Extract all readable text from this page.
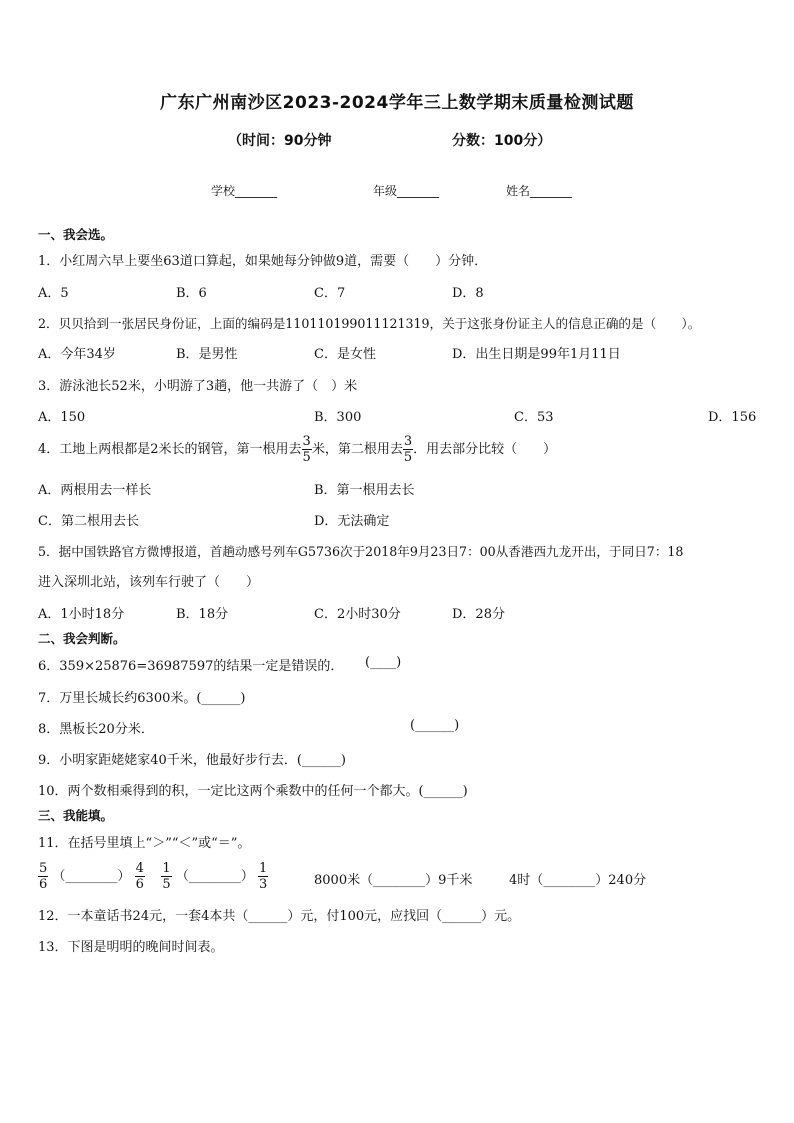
广东广州南沙区2023-2024学年三上数学期末质量检测试题
（时间：90分钟	分数：100分）
学校_______	年级_______	姓名_______
一、我会选。
1．小红周六早上要坐63道口算起，如果她每分钟做9道，需要（　　）分钟．
A．5	B．6	C．7	D．8
2．贝贝拾到一张居民身份证，上面的编码是110110199011121319，关于这张身份证主人的信息正确的是（　　）。
A．今年34岁	B．是男性	C．是女性	D．出生日期是99年1月11日
3．游泳池长52米，小明游了3趟，他一共游了（　）米
A．150	B．300	C．53	D．156
4．工地上两根都是2米长的钢管，第一根用去 $\frac{3}{5}$ 米，第二根用去 $\frac{3}{5}$ ．用去部分比较（　　）
A．两根用去一样长	B．第一根用去长
C．第二根用去长	D．无法确定
5．据中国铁路官方微博报道，首趟动感号列车G5736次于2018年9月23日7：00从香港西九龙开出，于同日7：18
进入深圳北站，该列车行驶了（　　）
A．1小时18分	B．18分	C．2小时30分	D．28分
二、我会判断。
6．359×25876=36987597的结果一定是错误的． (____)
7．万里长城长约6300米。(______)
8．黑板长20分米．	(______)
9．小明家距姥姥家40千米，他最好步行去．(______)
10．两个数相乘得到的积，一定比这两个乘数中的任何一个都大。(______)
三、我能填。
11．在括号里填上“＞”“＜”或“＝”。
$\frac{5}{6}$ （________） $\frac{4}{6}$
$\frac{1}{5}$ （________） $\frac{1}{3}$	8000米（________）9千米	4时（________）240分
12．一本童话书24元，一套4本共（______）元，付100元，应找回（______）元。
13．下图是明明的晚间时间表。
